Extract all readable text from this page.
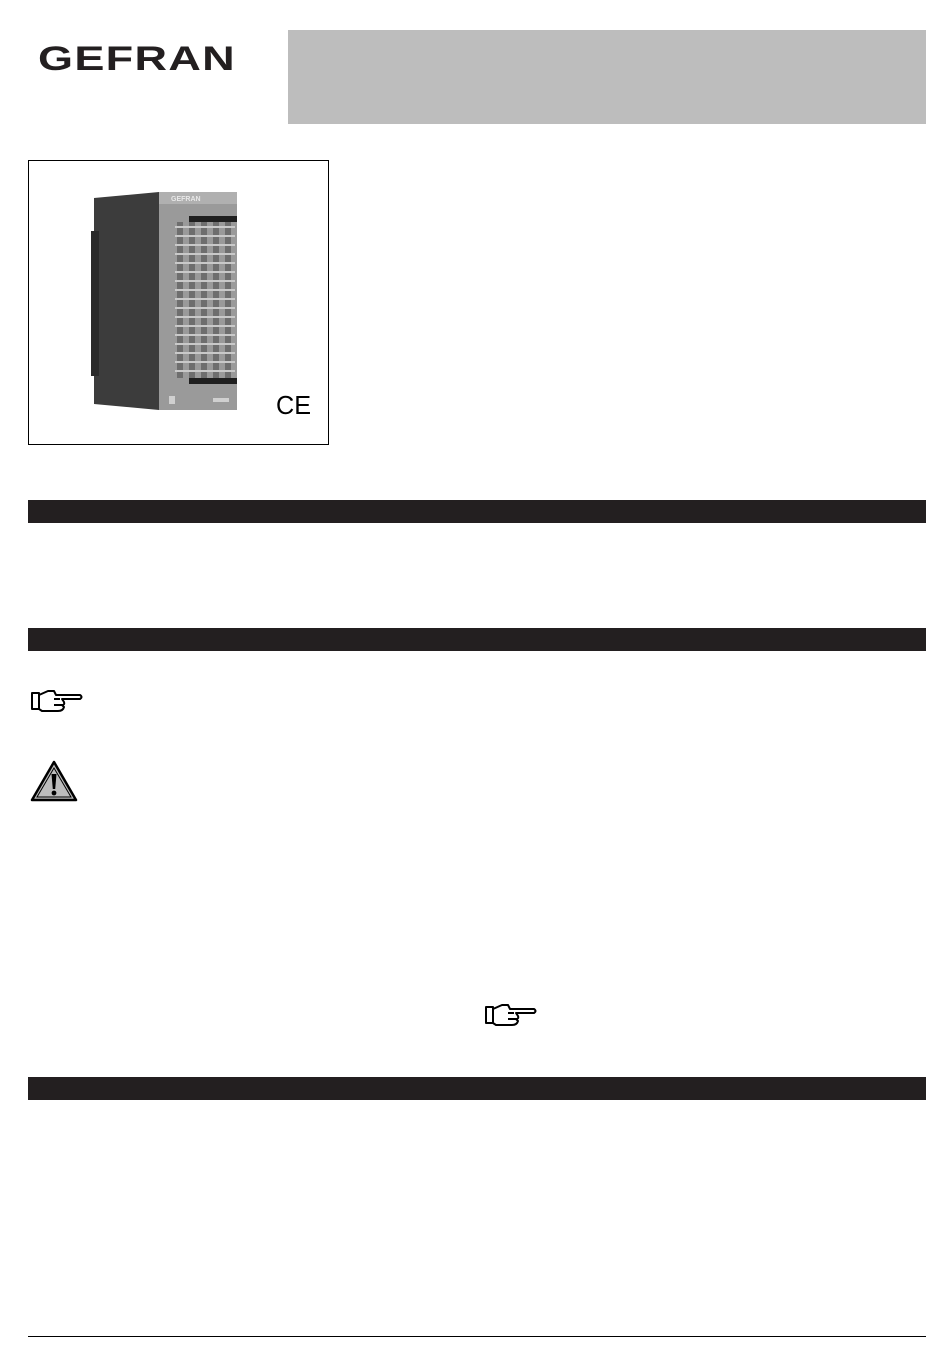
GEFRAN
GEFRAN
CE
